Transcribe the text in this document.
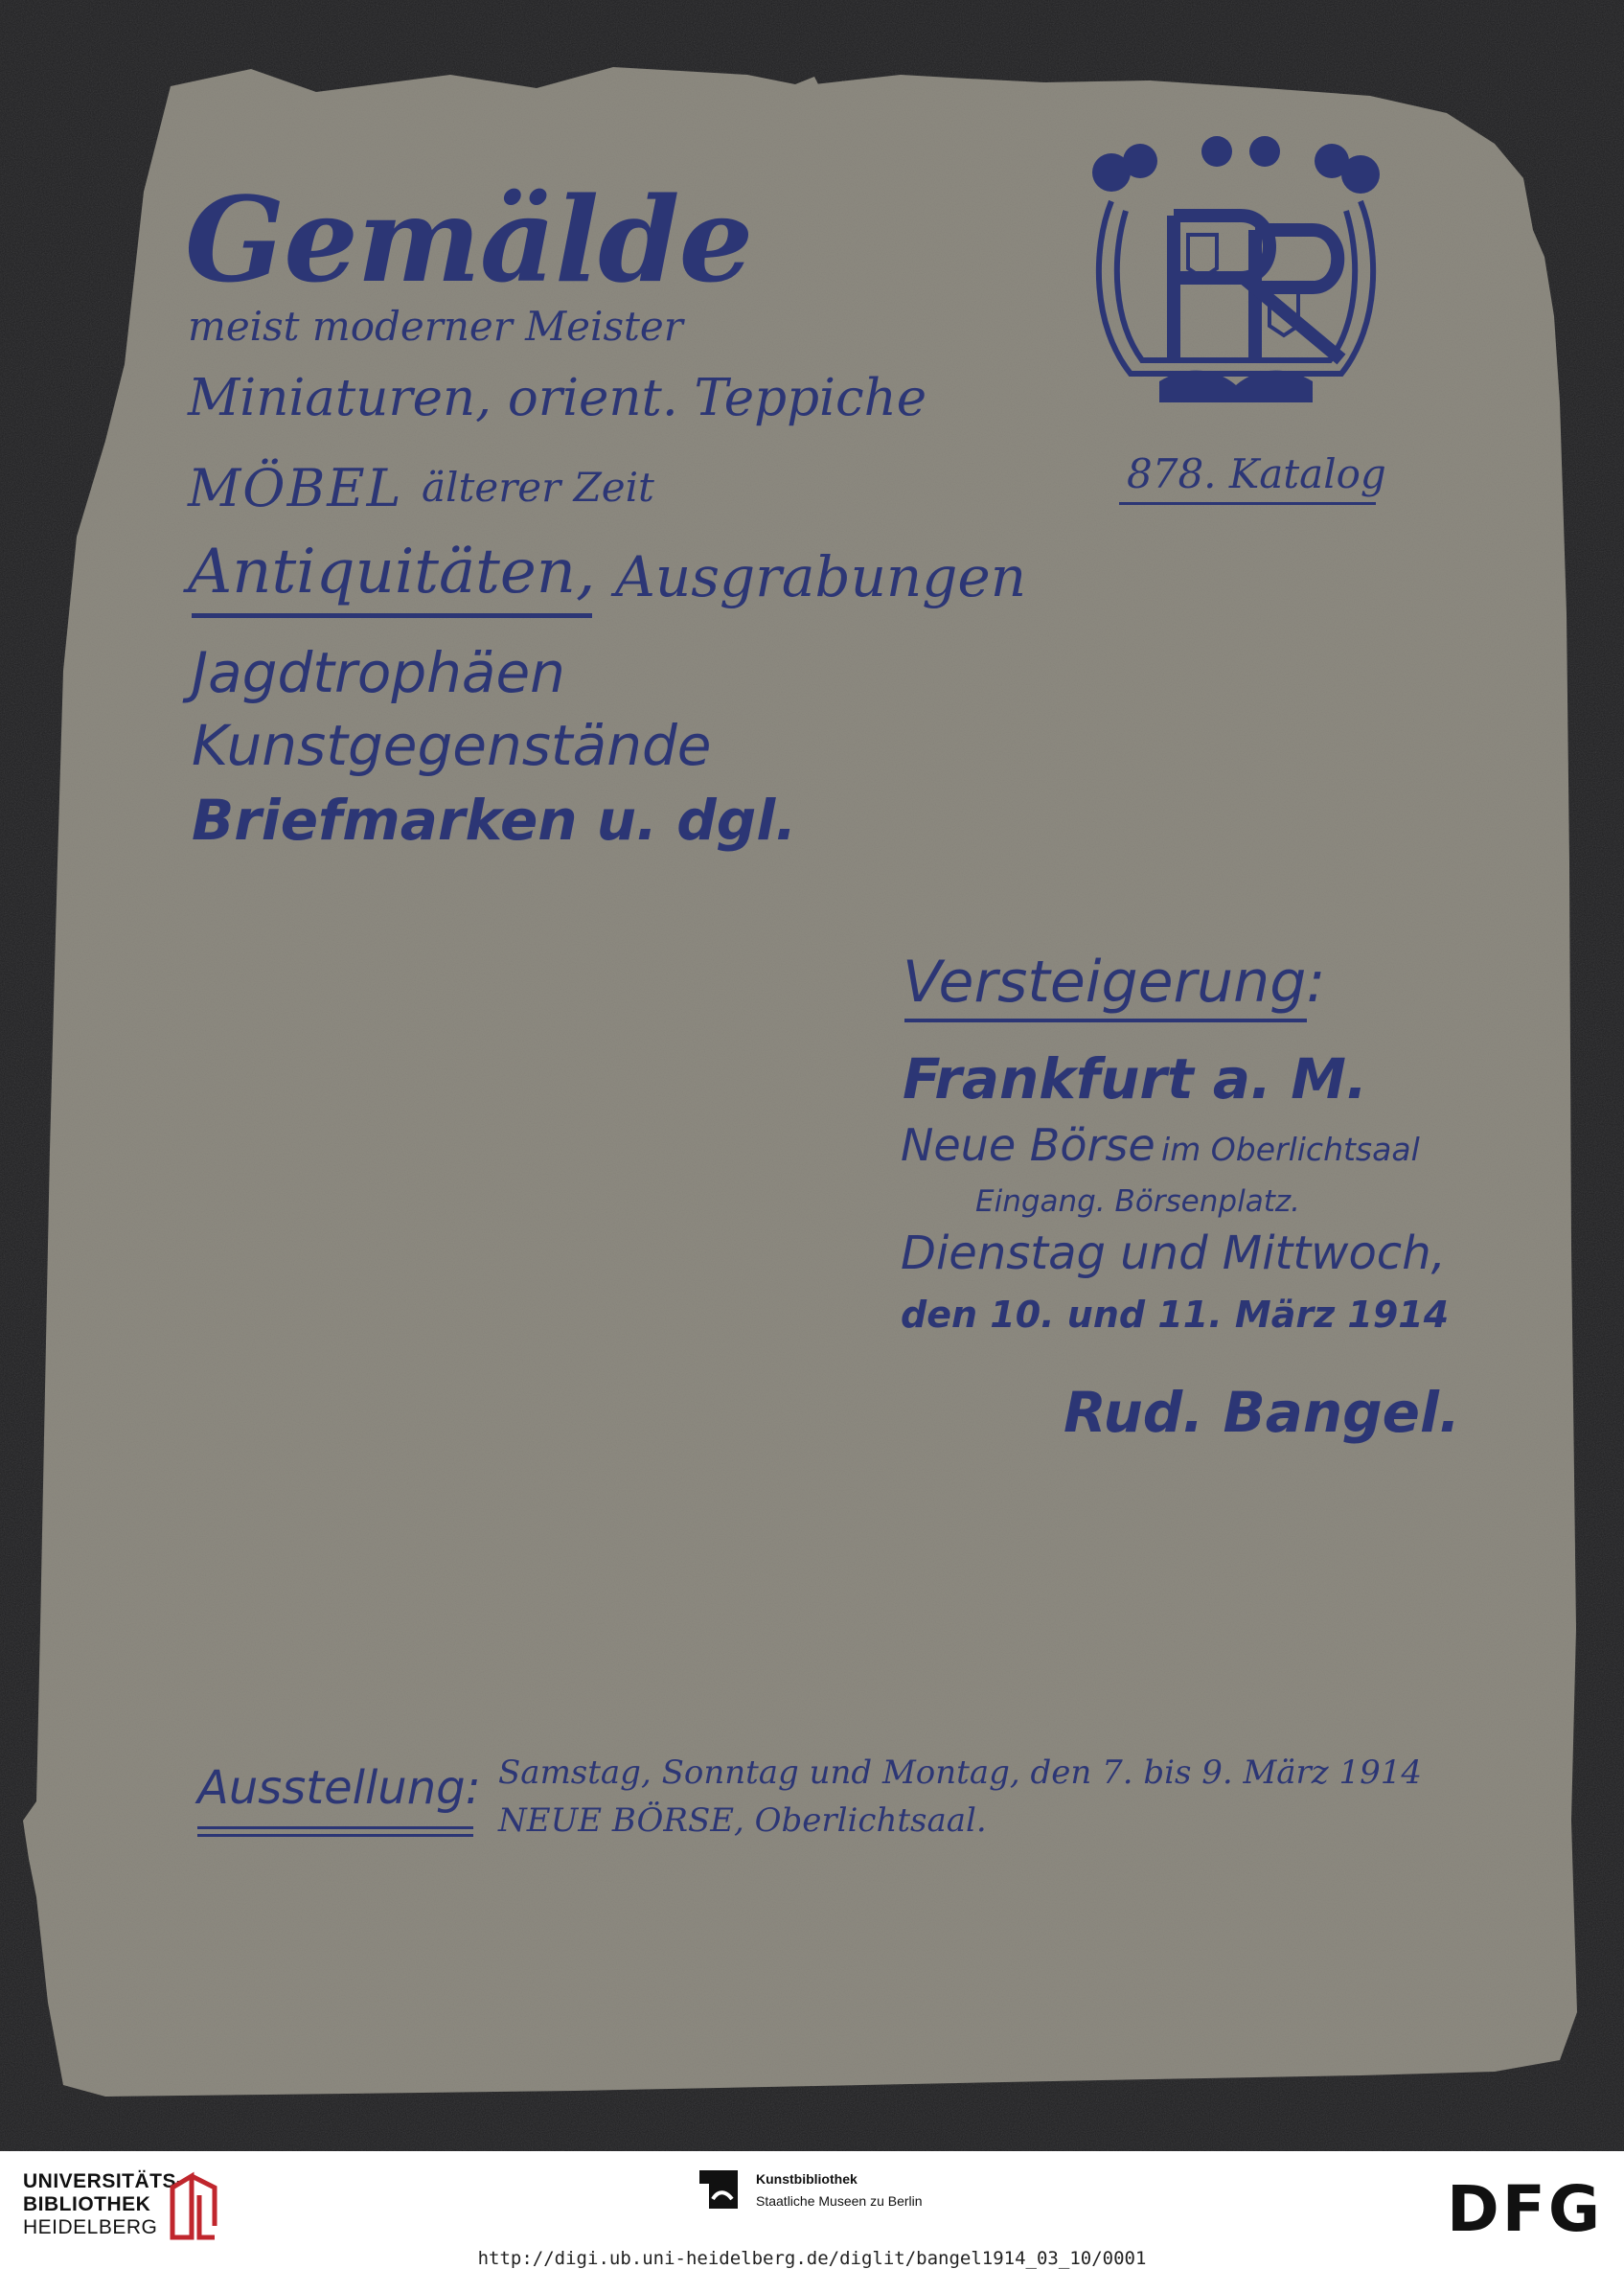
Gemälde
meist moderner Meister
Miniaturen, orient. Teppiche
MÖBEL älterer Zeit
Antiquitäten, Ausgrabungen
Jagdtrophäen
Kunstgegenstände
Briefmarken u. dgl.
878. Katalog
Versteigerung:
Frankfurt a. M.
Neue Börse im Oberlichtsaal
Eingang. Börsenplatz.
Dienstag und Mittwoch,
den 10. und 11. März 1914
Rud. Bangel.
Ausstellung: Samstag, Sonntag und Montag, den 7. bis 9. März 1914
NEUE BÖRSE, Oberlichtsaal.
UNIVERSITÄTS-
BIBLIOTHEK
HEIDELBERG
Kunstbibliothek
Staatliche Museen zu Berlin	DFG
http://digi.ub.uni-heidelberg.de/diglit/bangel1914_03_10/0001
